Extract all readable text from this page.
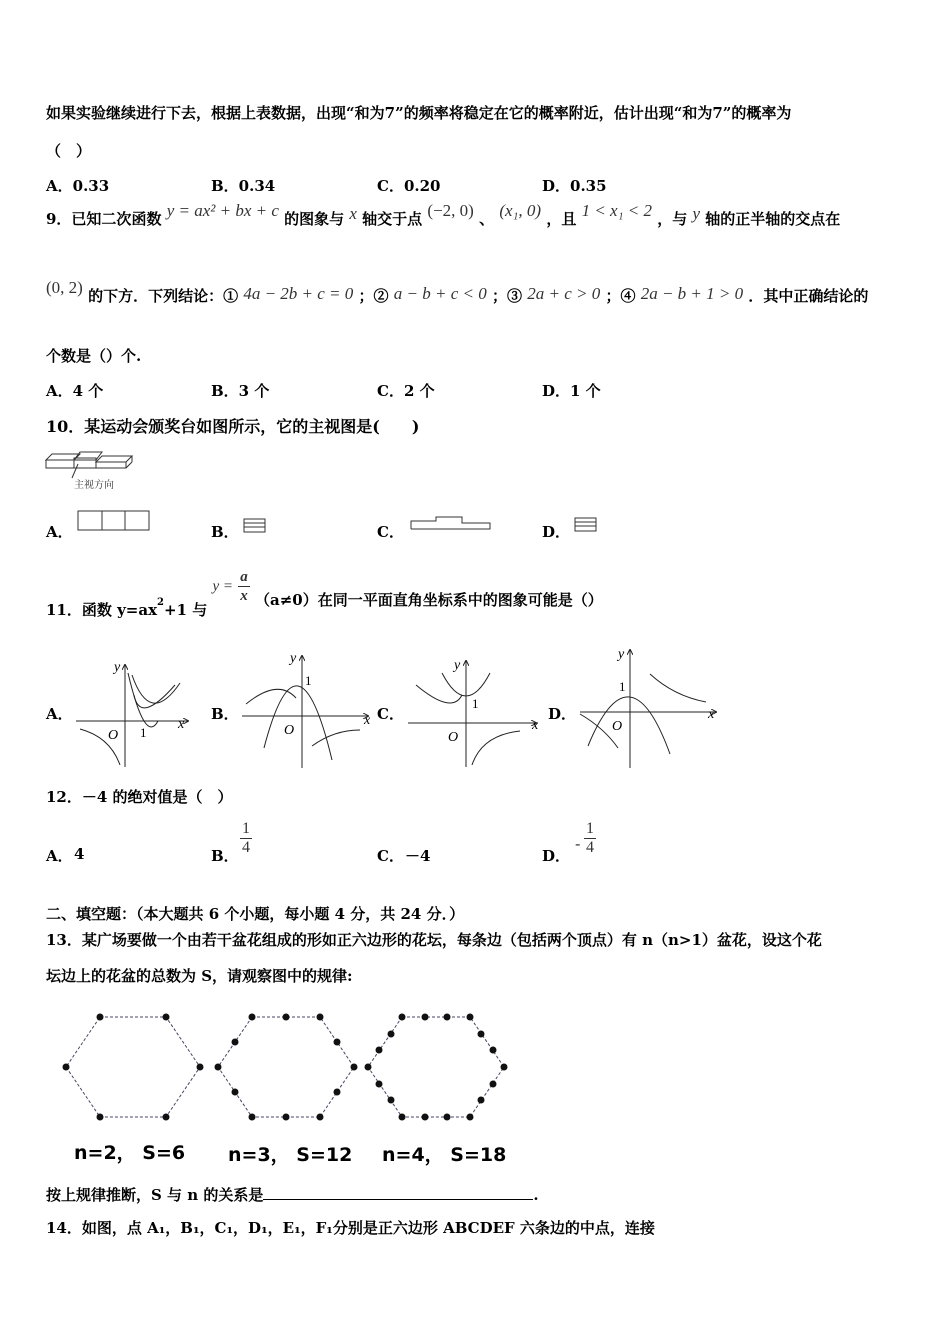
如果实验继续进行下去，根据上表数据，出现“和为7”的频率将稳定在它的概率附近，估计出现“和为7”的概率为
（　）
A．0.33	B．0.34	C．0.20	D．0.35
9．已知二次函数 y = ax² + bx + c 的图象与 x 轴交于点 (−2, 0) 、 (x₁, 0) ，且 1 < x₁ < 2 ，与 y 轴的正半轴的交点在
(0, 2) 的下方．下列结论：① 4a − 2b + c = 0 ；② a − b + c < 0 ；③ 2a + c > 0 ；④ 2a − b + 1 > 0 ．其中正确结论的
个数是（）个.
A．4 个	B．3 个	C．2 个	D．1 个
10．某运动会颁奖台如图所示，它的主视图是(　　)
主视方向
A．	B．	C．	D．
11．函数 $y=ax^2+1$ 与 $y = \frac{a}{x} (a\ne 0)$在同一平面直角坐标系中的图象可能是（）
A．
x
y
O 1
B．	x
y
O
1
C．
x
y
O
1
D．	x
y
O
1
12．－4 的绝对值是（　）
A． 4	B． $\frac{1}{4}$	C． －4	D．
- $\frac{1}{4}$
二、填空题：（本大题共 6 个小题，每小题 4 分，共 24 分．）
13．某广场要做一个由若干盆花组成的形如正六边形的花坛，每条边（包括两个顶点）有 n（n>1）盆花，设这个花
坛边上的花盆的总数为 S，请观察图中的规律:
n=2， S=6 n=3， S=12 n=4， S=18
按上规律推断，S 与 n 的关系是	.
14．如图，点 A₁，B₁，C₁，D₁，E₁，F₁分别是正六边形 ABCDEF 六条边的中点，连接
